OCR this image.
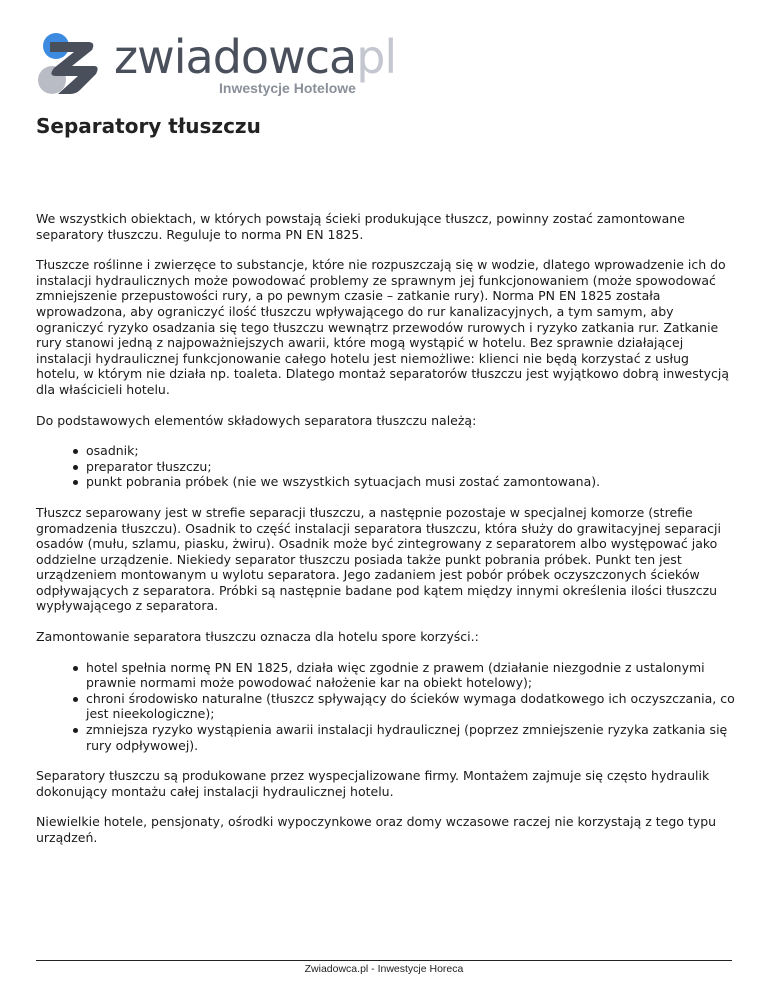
zwiadowcapl
Inwestycje Hotelowe
Separatory tłuszczu

We wszystkich obiektach, w których powstają ścieki produkujące tłuszcz, powinny zostać zamontowane separatory tłuszczu. Reguluje to norma PN EN 1825.

Tłuszcze roślinne i zwierzęce to substancje, które nie rozpuszczają się w wodzie, dlatego wprowadzenie ich do instalacji hydraulicznych może powodować problemy ze sprawnym jej funkcjonowaniem (może spowodować zmniejszenie przepustowości rury, a po pewnym czasie – zatkanie rury). Norma PN EN 1825 została wprowadzona, aby ograniczyć ilość tłuszczu wpływającego do rur kanalizacyjnych, a tym samym, aby ograniczyć ryzyko osadzania się tego tłuszczu wewnątrz przewodów rurowych i ryzyko zatkania rur. Zatkanie rury stanowi jedną z najpoważniejszych awarii, które mogą wystąpić w hotelu. Bez sprawnie działającej instalacji hydraulicznej funkcjonowanie całego hotelu jest niemożliwe: klienci nie będą korzystać z usług hotelu, w którym nie działa np. toaleta. Dlatego montaż separatorów tłuszczu jest wyjątkowo dobrą inwestycją dla właścicieli hotelu.

Do podstawowych elementów składowych separatora tłuszczu należą:

osadnik;
preparator tłuszczu;
punkt pobrania próbek (nie we wszystkich sytuacjach musi zostać zamontowana).

Tłuszcz separowany jest w strefie separacji tłuszczu, a następnie pozostaje w specjalnej komorze (strefie gromadzenia tłuszczu). Osadnik to część instalacji separatora tłuszczu, która służy do grawitacyjnej separacji osadów (mułu, szlamu, piasku, żwiru). Osadnik może być zintegrowany z separatorem albo występować jako oddzielne urządzenie. Niekiedy separator tłuszczu posiada także punkt pobrania próbek. Punkt ten jest urządzeniem montowanym u wylotu separatora. Jego zadaniem jest pobór próbek oczyszczonych ścieków odpływających z separatora. Próbki są następnie badane pod kątem między innymi określenia ilości tłuszczu wypływającego z separatora.

Zamontowanie separatora tłuszczu oznacza dla hotelu spore korzyści.:

hotel spełnia normę PN EN 1825, działa więc zgodnie z prawem (działanie niezgodnie z ustalonymi prawnie normami może powodować nałożenie kar na obiekt hotelowy);
chroni środowisko naturalne (tłuszcz spływający do ścieków wymaga dodatkowego ich oczyszczania, co jest nieekologiczne);
zmniejsza ryzyko wystąpienia awarii instalacji hydraulicznej (poprzez zmniejszenie ryzyka zatkania się rury odpływowej).

Separatory tłuszczu są produkowane przez wyspecjalizowane firmy. Montażem zajmuje się często hydraulik dokonujący montażu całej instalacji hydraulicznej hotelu.

Niewielkie hotele, pensjonaty, ośrodki wypoczynkowe oraz domy wczasowe raczej nie korzystają z tego typu urządzeń.

Zwiadowca.pl - Inwestycje Horeca
